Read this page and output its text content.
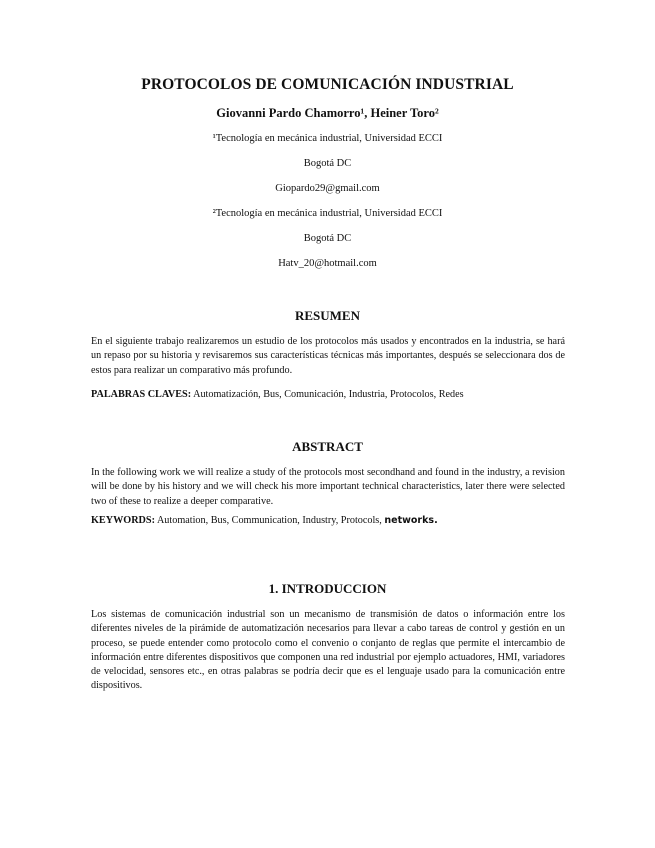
PROTOCOLOS DE COMUNICACIÓN INDUSTRIAL
Giovanni Pardo Chamorro¹, Heiner Toro²
¹Tecnología en mecánica industrial, Universidad ECCI
Bogotá DC
Giopardo29@gmail.com
²Tecnología en mecánica industrial, Universidad ECCI
Bogotá DC
Hatv_20@hotmail.com
RESUMEN
En el siguiente trabajo realizaremos un estudio de los protocolos más usados y encontrados en la industria, se hará un repaso por su historia y revisaremos sus características técnicas más importantes, después se seleccionara dos de estos para realizar un comparativo más profundo.
PALABRAS CLAVES: Automatización, Bus, Comunicación, Industria, Protocolos, Redes
ABSTRACT
In the following work we will realize a study of the protocols most secondhand and found in the industry, a revision will be done by his history and we will check his more important technical characteristics, later there were selected two of these to realize a deeper comparative.
KEYWORDS: Automation, Bus, Communication, Industry, Protocols, networks.
1. INTRODUCCION
Los sistemas de comunicación industrial son un mecanismo de transmisión de datos o información entre los diferentes niveles de la pirámide de automatización necesarios para llevar a cabo tareas de control y gestión en un proceso, se puede entender como protocolo como el convenio o conjanto de reglas que permite el intercambio de información entre diferentes dispositivos que componen una red industrial por ejemplo actuadores, HMI, variadores de velocidad, sensores etc., en otras palabras se podría decir que es el lenguaje usado para la comunicación entre dispositivos.
